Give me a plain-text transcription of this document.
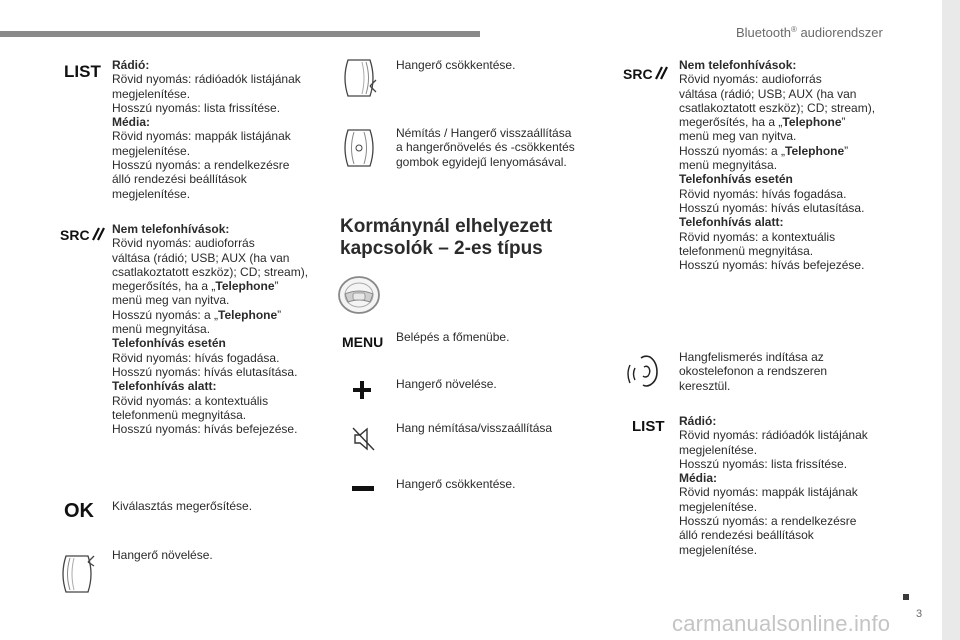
Bluetooth® audiorendszer
3
carmanualsonline.info
LIST Rádió:

Rövid nyomás: rádióadók listájának

megjelenítése.

Hosszú nyomás: lista frissítése.

Média:

Rövid nyomás: mappák listájának

megjelenítése.

Hosszú nyomás: a rendelkezésre

álló rendezési beállítások

megjelenítése.

SRC	Nem telefonhívások:

Rövid nyomás: audioforrás

váltása (rádió; USB; AUX (ha van

csatlakoztatott eszköz); CD; stream),

megerősítés, ha a „Telephone”

menü meg van nyitva.

Hosszú nyomás: a „Telephone”

menü megnyitása.

Telefonhívás esetén

Rövid nyomás: hívás fogadása.

Hosszú nyomás: hívás elutasítása.

Telefonhívás alatt:

Rövid nyomás: a kontextuális

telefonmenü megnyitása.

Hosszú nyomás: hívás befejezése.

OK Kiválasztás megerősítése.
Hangerő növelése.
Hangerő csökkentése.

Némítás / Hangerő visszaállítása

a hangerőnövelés és -csökkentés

gombok egyidejű lenyomásával.

Kormánynál elhelyezett
kapcsolók – 2-es típus
MENU Belépés a főmenübe.
Hangerő növelése.
Hang némítása/visszaállítása
Hangerő csökkentése.
SRC

Nem telefonhívások:

Rövid nyomás: audioforrás

váltása (rádió; USB; AUX (ha van

csatlakoztatott eszköz); CD; stream),

megerősítés, ha a „Telephone”

menü meg van nyitva.

Hosszú nyomás: a „Telephone”

menü megnyitása.

Telefonhívás esetén

Rövid nyomás: hívás fogadása.

Hosszú nyomás: hívás elutasítása.

Telefonhívás alatt:

Rövid nyomás: a kontextuális

telefonmenü megnyitása.

Hosszú nyomás: hívás befejezése.

Hangfelismerés indítása az

okostelefonon a rendszeren

keresztül.

LIST Rádió:

Rövid nyomás: rádióadók listájának

megjelenítése.

Hosszú nyomás: lista frissítése.

Média:

Rövid nyomás: mappák listájának

megjelenítése.

Hosszú nyomás: a rendelkezésre

álló rendezési beállítások

megjelenítése.
